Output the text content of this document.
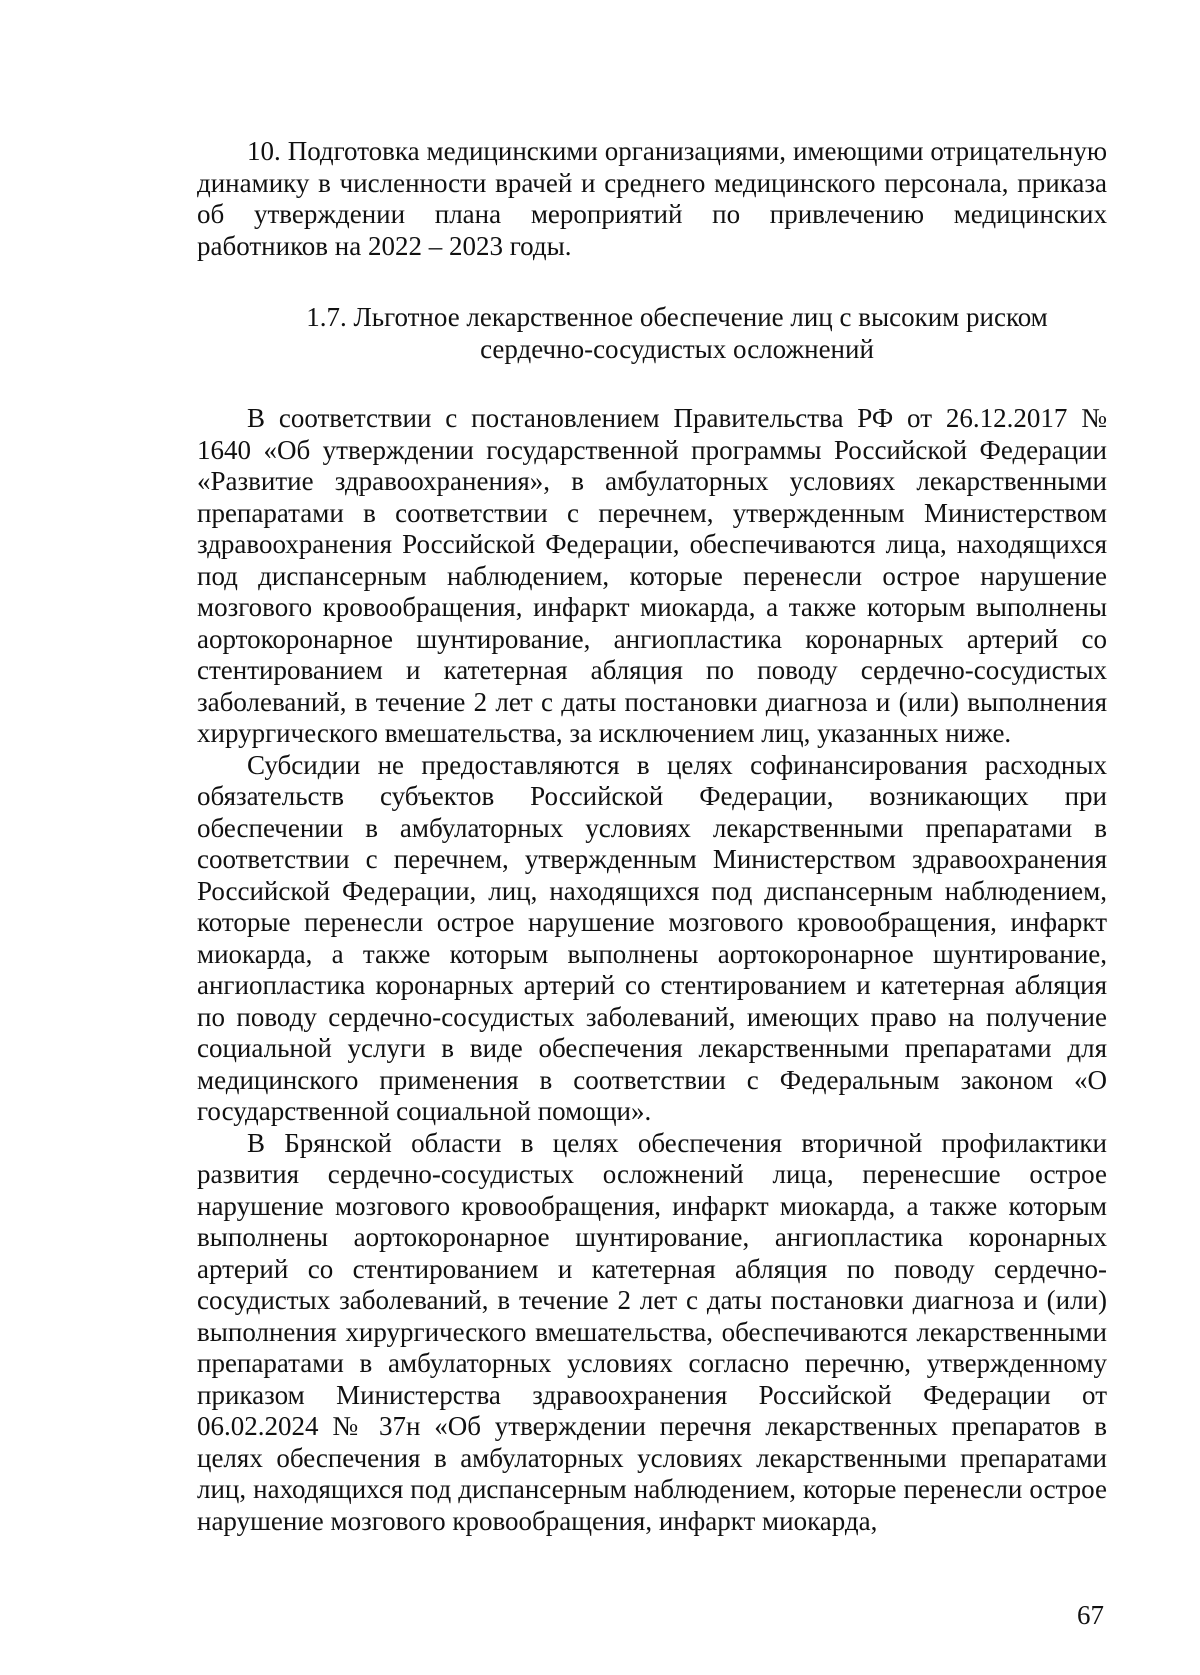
10. Подготовка медицинскими организациями, имеющими отрицательную динамику в численности врачей и среднего медицинского персонала, приказа об утверждении плана мероприятий по привлечению медицинских работников на 2022 – 2023 годы.

1.7. Льготное лекарственное обеспечение лиц с высоким риском
сердечно-сосудистых осложнений

В соответствии с постановлением Правительства РФ от 26.12.2017 № 1640 «Об утверждении государственной программы Российской Федерации «Развитие здравоохранения», в амбулаторных условиях лекарственными препаратами в соответствии с перечнем, утвержденным Министерством здравоохранения Российской Федерации, обеспечиваются лица, находящихся под диспансерным наблюдением, которые перенесли острое нарушение мозгового кровообращения, инфаркт миокарда, а также которым выполнены аортокоронарное шунтирование, ангиопластика коронарных артерий со стентированием и катетерная абляция по поводу сердечно-сосудистых заболеваний, в течение 2 лет с даты постановки диагноза и (или) выполнения хирургического вмешательства, за исключением лиц, указанных ниже.

Субсидии не предоставляются в целях софинансирования расходных обязательств субъектов Российской Федерации, возникающих при обеспечении в амбулаторных условиях лекарственными препаратами в соответствии с перечнем, утвержденным Министерством здравоохранения Российской Федерации, лиц, находящихся под диспансерным наблюдением, которые перенесли острое нарушение мозгового кровообращения, инфаркт миокарда, а также которым выполнены аортокоронарное шунтирование, ангиопластика коронарных артерий со стентированием и катетерная абляция по поводу сердечно-сосудистых заболеваний, имеющих право на получение социальной услуги в виде обеспечения лекарственными препаратами для медицинского применения в соответствии с Федеральным законом «О государственной социальной помощи».

В Брянской области в целях обеспечения вторичной профилактики развития сердечно-сосудистых осложнений лица, перенесшие острое нарушение мозгового кровообращения, инфаркт миокарда, а также которым выполнены аортокоронарное шунтирование, ангиопластика коронарных артерий со стентированием и катетерная абляция по поводу сердечно-сосудистых заболеваний, в течение 2 лет с даты постановки диагноза и (или) выполнения хирургического вмешательства, обеспечиваются лекарственными препаратами в амбулаторных условиях согласно перечню, утвержденному приказом Министерства здравоохранения Российской Федерации от 06.02.2024 № 37н «Об утверждении перечня лекарственных препаратов в целях обеспечения в амбулаторных условиях лекарственными препаратами лиц, находящихся под диспансерным наблюдением, которые перенесли острое нарушение мозгового кровообращения, инфаркт миокарда,

67
